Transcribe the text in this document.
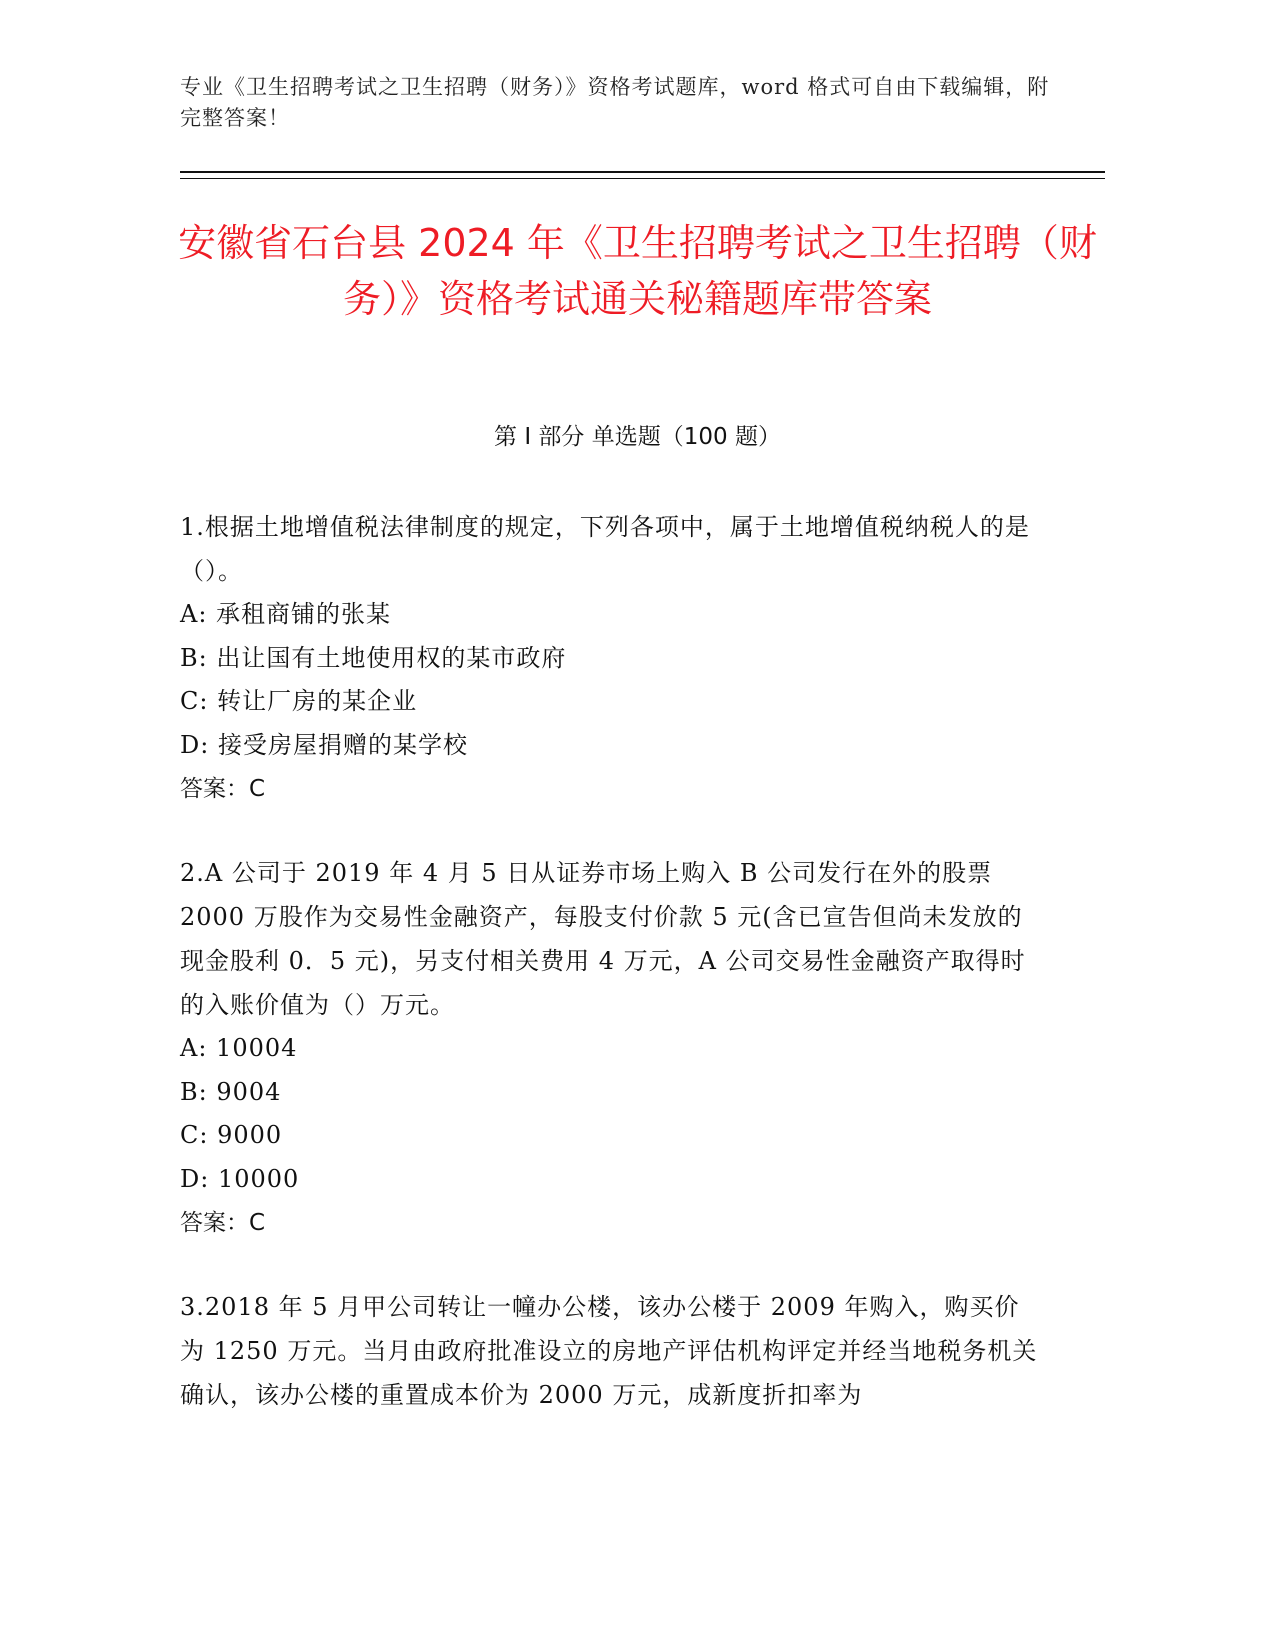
专业《卫生招聘考试之卫生招聘（财务）》资格考试题库，word 格式可自由下载编辑，附完整答案！
安徽省石台县 2024 年《卫生招聘考试之卫生招聘（财务）》资格考试通关秘籍题库带答案
第 I 部分 单选题（100 题）

1.根据土地增值税法律制度的规定，下列各项中，属于土地增值税纳税人的是（）。

A: 承租商铺的张某

B: 出让国有土地使用权的某市政府

C: 转让厂房的某企业

D: 接受房屋捐赠的某学校

答案：C

2.A 公司于 2019 年 4 月 5 日从证券市场上购入 B 公司发行在外的股票 2000 万股作为交易性金融资产，每股支付价款 5 元(含已宣告但尚未发放的现金股利 0．5 元)，另支付相关费用 4 万元，A 公司交易性金融资产取得时的入账价值为（）万元。

A: 10004

B: 9004

C: 9000

D: 10000

答案：C

3.2018 年 5 月甲公司转让一幢办公楼，该办公楼于 2009 年购入，购买价为 1250 万元。当月由政府批准设立的房地产评估机构评定并经当地税务机关确认，该办公楼的重置成本价为 2000 万元，成新度折扣率为
